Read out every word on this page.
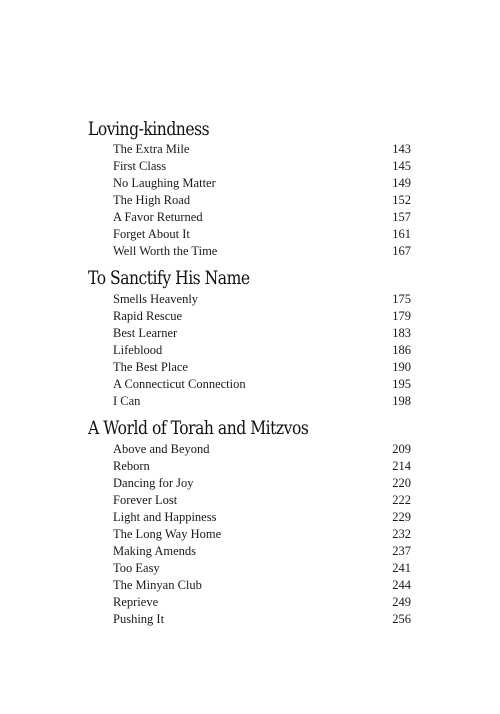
Loving-kindness
The Extra Mile	143
First Class	145
No Laughing Matter	149
The High Road	152
A Favor Returned	157
Forget About It	161
Well Worth the Time	167
To Sanctify His Name
Smells Heavenly	175
Rapid Rescue	179
Best Learner	183
Lifeblood	186
The Best Place	190
A Connecticut Connection	195
I Can	198
A World of Torah and Mitzvos
Above and Beyond	209
Reborn	214
Dancing for Joy	220
Forever Lost	222
Light and Happiness	229
The Long Way Home	232
Making Amends	237
Too Easy	241
The Minyan Club	244
Reprieve	249
Pushing It	256
